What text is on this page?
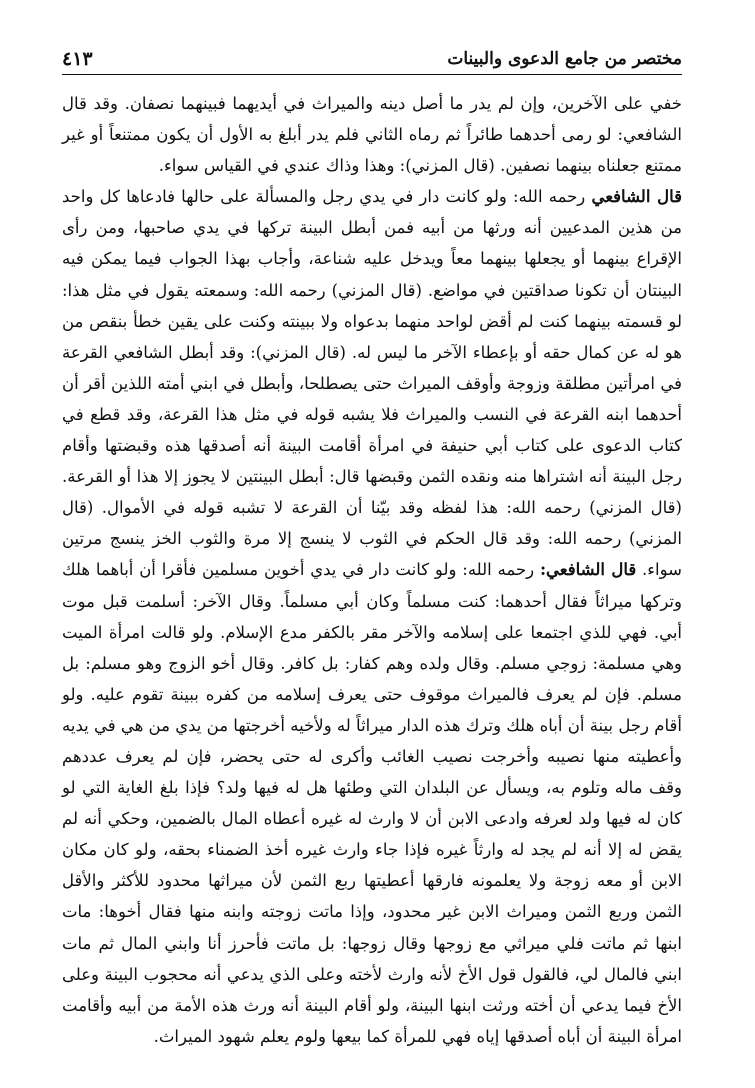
مختصر من جامع الدعوى والبينات
٤١٣

خفي على الآخرين، وإن لم يدر ما أصل دينه والميراث في أيديهما فبينهما نصفان. وقد قال الشافعي: لو رمى أحدهما طائراً ثم رماه الثاني فلم يدر أبلغ به الأول أن يكون ممتنعاً أو غير ممتنع جعلناه بينهما نصفين. (قال المزني): وهذا وذاك عندي في القياس سواء.

قال الشافعي رحمه الله: ولو كانت دار في يدي رجل والمسألة على حالها فادعاها كل واحد من هذين المدعيين أنه ورثها من أبيه فمن أبطل البينة تركها في يدي صاحبها، ومن رأى الإقراع بينهما أو يجعلها بينهما معاً ويدخل عليه شناعة، وأجاب بهذا الجواب فيما يمكن فيه البينتان أن تكونا صداقتين في مواضع. (قال المزني) رحمه الله: وسمعته يقول في مثل هذا: لو قسمته بينهما كنت لم أقض لواحد منهما بدعواه ولا ببينته وكنت على يقين خطأ بنقص من هو له عن كمال حقه أو بإعطاء الآخر ما ليس له. (قال المزني): وقد أبطل الشافعي القرعة في امرأتين مطلقة وزوجة وأوقف الميراث حتى يصطلحا، وأبطل في ابني أمته اللذين أقر أن أحدهما ابنه القرعة في النسب والميراث فلا يشبه قوله في مثل هذا القرعة، وقد قطع في كتاب الدعوى على كتاب أبي حنيفة في امرأة أقامت البينة أنه أصدقها هذه وقبضتها وأقام رجل البينة أنه اشتراها منه ونقده الثمن وقبضها قال: أبطل البينتين لا يجوز إلا هذا أو القرعة. (قال المزني) رحمه الله: هذا لفظه وقد بيّنا أن القرعة لا تشبه قوله في الأموال. (قال المزني) رحمه الله: وقد قال الحكم في الثوب لا ينسج إلا مرة والثوب الخز ينسج مرتين سواء. قال الشافعي: رحمه الله: ولو كانت دار في يدي أخوين مسلمين فأقرا أن أباهما هلك وتركها ميراثاً فقال أحدهما: كنت مسلماً وكان أبي مسلماً. وقال الآخر: أسلمت قبل موت أبي. فهي للذي اجتمعا على إسلامه والآخر مقر بالكفر مدع الإسلام. ولو قالت امرأة الميت وهي مسلمة: زوجي مسلم. وقال ولده وهم كفار: بل كافر. وقال أخو الزوج وهو مسلم: بل مسلم. فإن لم يعرف فالميراث موقوف حتى يعرف إسلامه من كفره ببينة تقوم عليه. ولو أقام رجل بينة أن أباه هلك وترك هذه الدار ميراثاً له ولأخيه أخرجتها من يدي من هي في يديه وأعطيته منها نصيبه وأخرجت نصيب الغائب وأكرى له حتى يحضر، فإن لم يعرف عددهم وقف ماله وتلوم به، ويسأل عن البلدان التي وطئها هل له فيها ولد؟ فإذا بلغ الغاية التي لو كان له فيها ولد لعرفه وادعى الابن أن لا وارث له غيره أعطاه المال بالضمين، وحكي أنه لم يقض له إلا أنه لم يجد له وارثاً غيره فإذا جاء وارث غيره أخذ الضمناء بحقه، ولو كان مكان الابن أو معه زوجة ولا يعلمونه فارقها أعطيتها ربع الثمن لأن ميراثها محدود للأكثر والأقل الثمن وربع الثمن وميراث الابن غير محدود، وإذا ماتت زوجته وابنه منها فقال أخوها: مات ابنها ثم ماتت فلي ميراثي مع زوجها وقال زوجها: بل ماتت فأحرز أنا وابني المال ثم مات ابني فالمال لي، فالقول قول الأخ لأنه وارث لأخته وعلى الذي يدعي أنه محجوب البينة وعلى الأخ فيما يدعي أن أخته ورثت ابنها البينة، ولو أقام البينة أنه ورث هذه الأمة من أبيه وأقامت امرأة البينة أن أباه أصدقها إياه فهي للمرأة كما بيعها ولوم يعلم شهود الميراث.
